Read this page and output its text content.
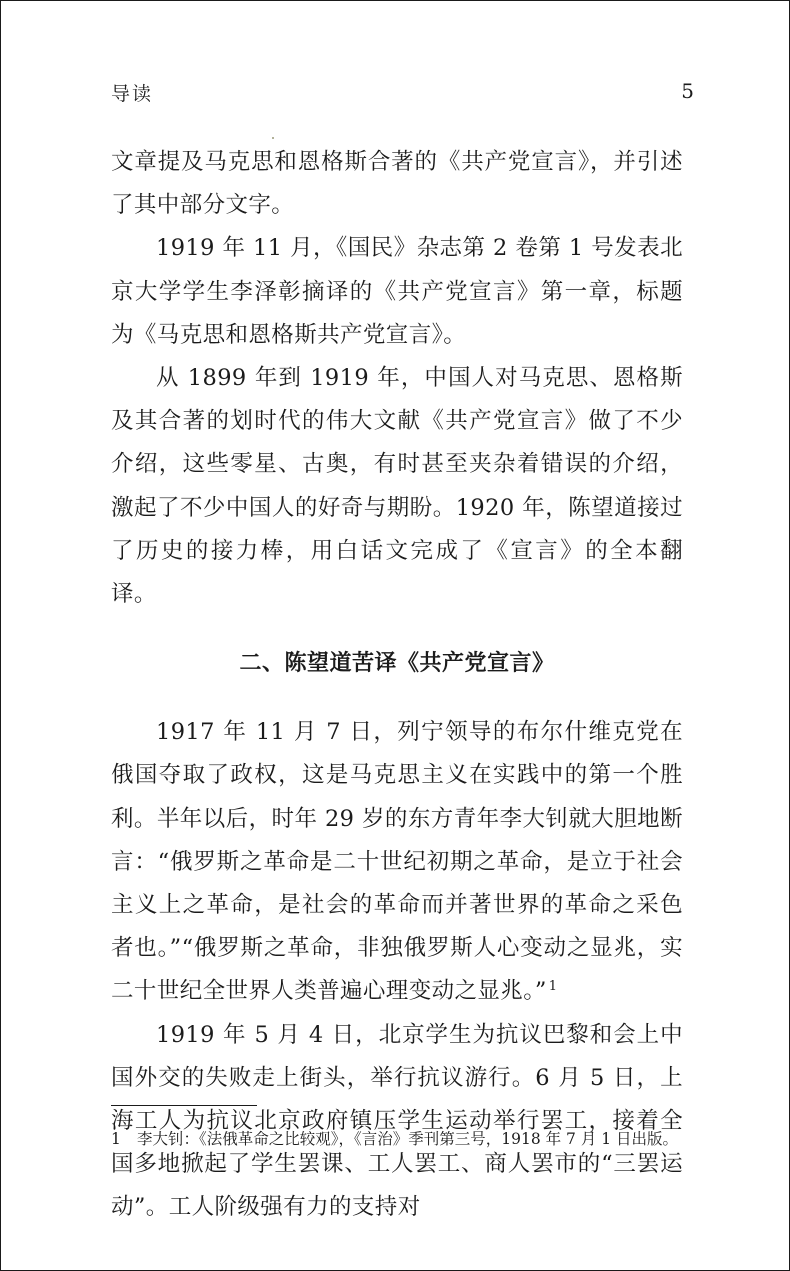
导读	5

文章提及马克思和恩格斯合著的《共产党宣言》，并引述了其中部分文字。

1919 年 11 月，《国民》杂志第 2 卷第 1 号发表北京大学学生李泽彰摘译的《共产党宣言》第一章，标题为《马克思和恩格斯共产党宣言》。

从 1899 年到 1919 年，中国人对马克思、恩格斯及其合著的划时代的伟大文献《共产党宣言》做了不少介绍，这些零星、古奥，有时甚至夹杂着错误的介绍，激起了不少中国人的好奇与期盼。1920 年，陈望道接过了历史的接力棒，用白话文完成了《宣言》的全本翻译。

二、陈望道苦译《共产党宣言》

1917 年 11 月 7 日，列宁领导的布尔什维克党在俄国夺取了政权，这是马克思主义在实践中的第一个胜利。半年以后，时年 29 岁的东方青年李大钊就大胆地断言：“俄罗斯之革命是二十世纪初期之革命，是立于社会主义上之革命，是社会的革命而并著世界的革命之采色者也。”“俄罗斯之革命，非独俄罗斯人心变动之显兆，实二十世纪全世界人类普遍心理变动之显兆。” $^1$

1919 年 5 月 4 日，北京学生为抗议巴黎和会上中国外交的失败走上街头，举行抗议游行。6 月 5 日，上海工人为抗议北京政府镇压学生运动举行罢工，接着全国多地掀起了学生罢课、工人罢工、商人罢市的“三罢运动”。工人阶级强有力的支持对

1 李大钊：《法俄革命之比较观》，《言治》季刊第三号，1918 年 7 月 1 日出版。
